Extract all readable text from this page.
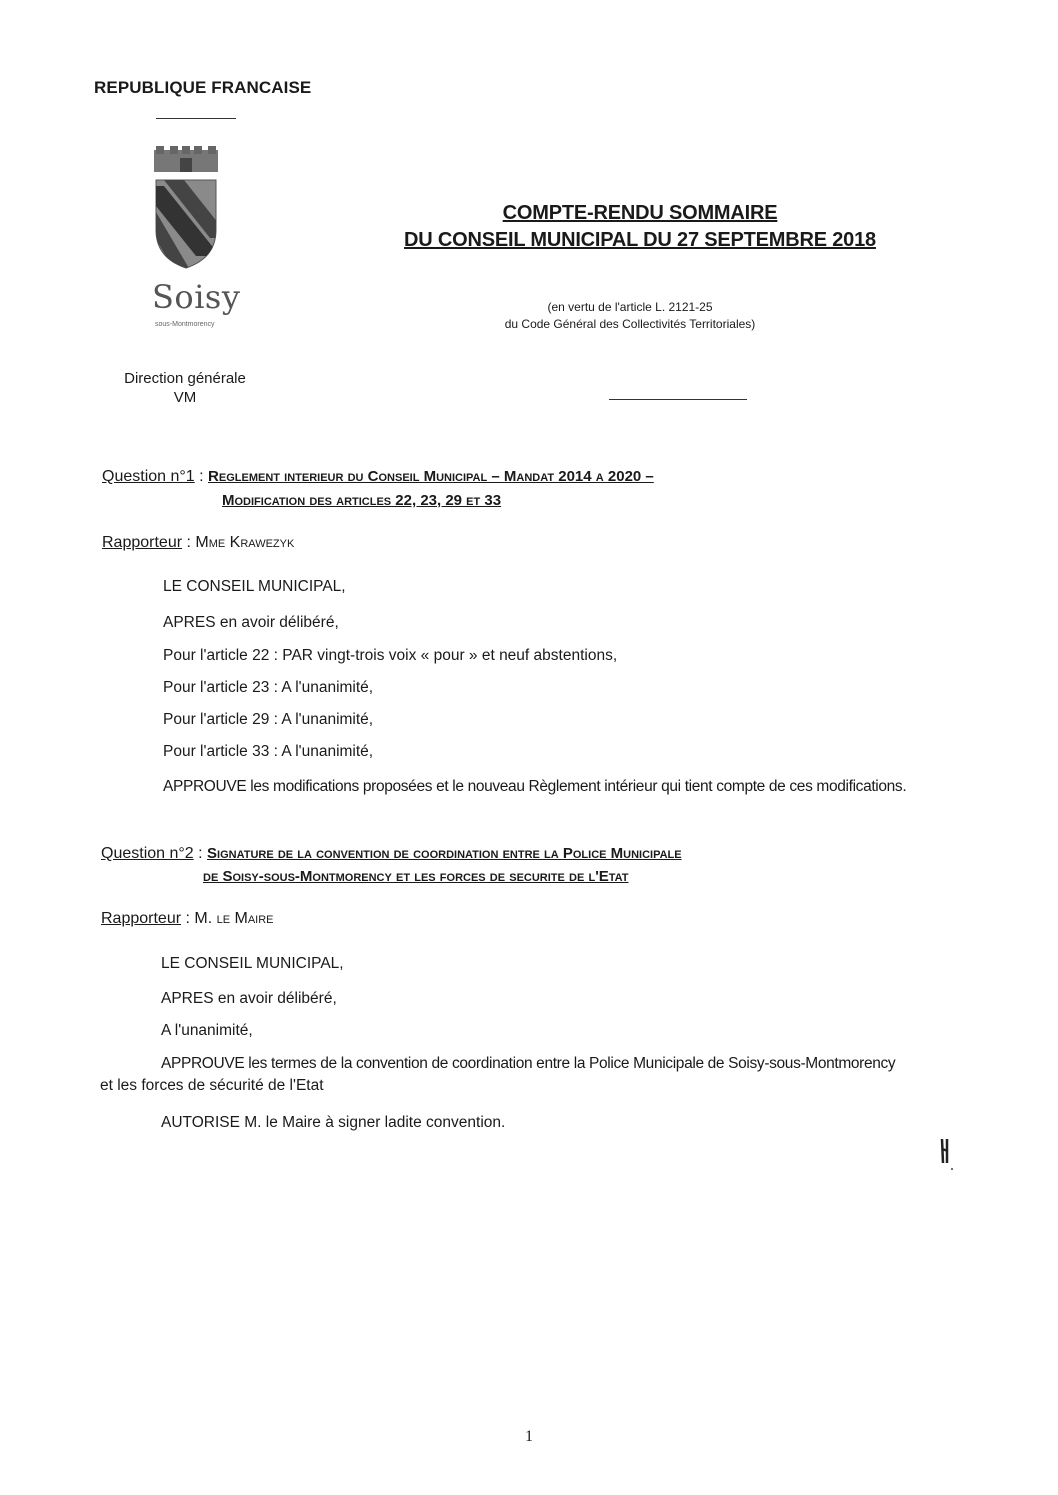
REPUBLIQUE FRANCAISE
Soisy
sous-Montmorency
Direction générale
VM
COMPTE-RENDU SOMMAIRE
DU CONSEIL MUNICIPAL DU 27 SEPTEMBRE 2018
(en vertu de l'article L. 2121-25
du Code Général des Collectivités Territoriales)
Question n°1 : Reglement interieur du Conseil Municipal – Mandat 2014 a 2020 –
Modification des articles 22, 23, 29 et 33
Rapporteur : Mme Krawezyk
LE CONSEIL MUNICIPAL,
APRES en avoir délibéré,
Pour l'article 22 : PAR vingt-trois voix « pour » et neuf abstentions,
Pour l'article 23 : A l'unanimité,
Pour l'article 29 : A l'unanimité,
Pour l'article 33 : A l'unanimité,
APPROUVE les modifications proposées et le nouveau Règlement intérieur qui tient compte de ces modifications.
Question n°2 : Signature de la convention de coordination entre la Police Municipale
de Soisy-sous-Montmorency et les forces de securite de l'Etat
Rapporteur : M. le Maire
LE CONSEIL MUNICIPAL,
APRES en avoir délibéré,
A l'unanimité,
APPROUVE les termes de la convention de coordination entre la Police Municipale de Soisy-sous-Montmorency
et les forces de sécurité de l'Etat
AUTORISE M. le Maire à signer ladite convention.
1
